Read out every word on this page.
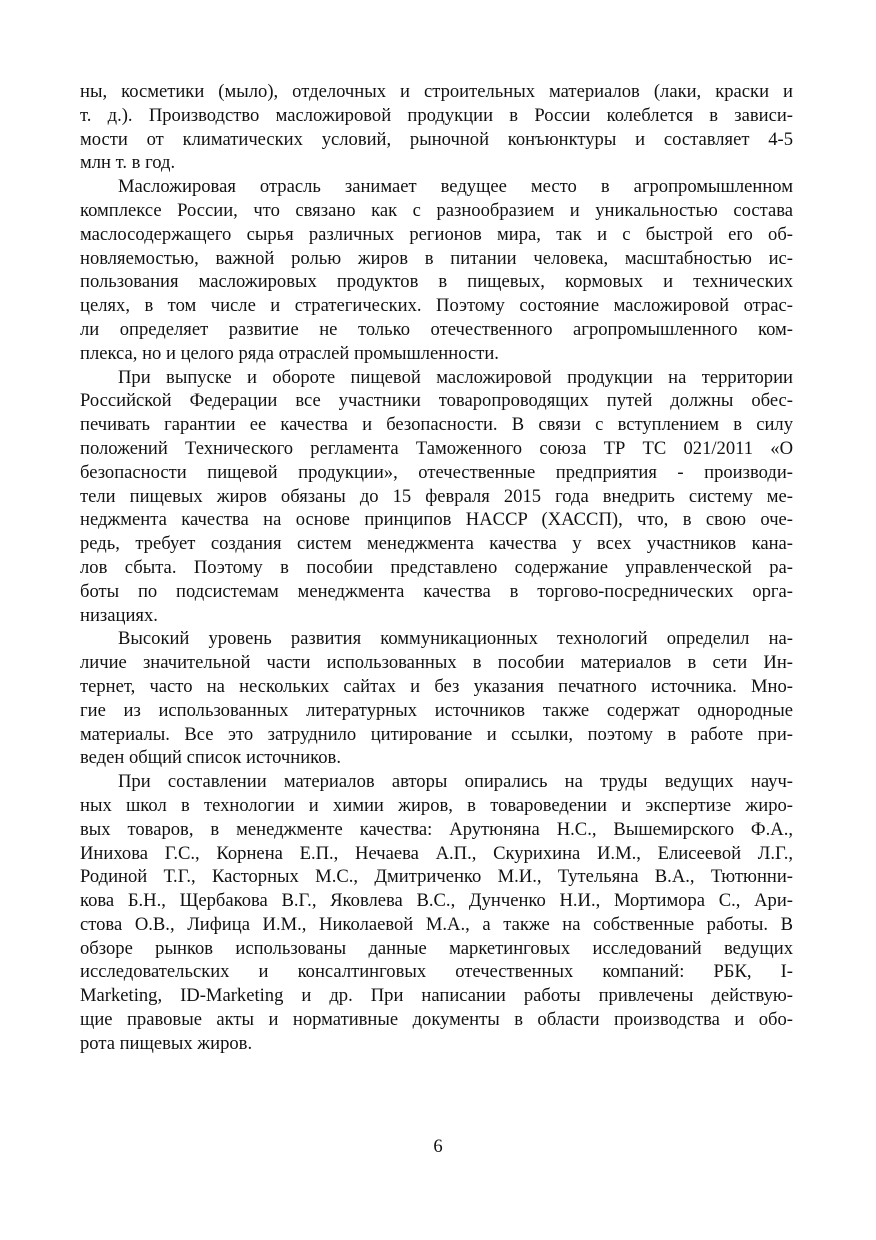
ны, косметики (мыло), отделочных и строительных материалов (лаки, краски и
т. д.). Производство масложировой продукции в России колеблется в зависи-
мости от климатических условий, рыночной конъюнктуры и составляет 4-5
млн т. в год.
Масложировая отрасль занимает ведущее место в агропромышленном
комплексе России, что связано как с разнообразием и уникальностью состава
маслосодержащего сырья различных регионов мира, так и с быстрой его об-
новляемостью, важной ролью жиров в питании человека, масштабностью ис-
пользования масложировых продуктов в пищевых, кормовых и технических
целях, в том числе и стратегических. Поэтому состояние масложировой отрас-
ли определяет развитие не только отечественного агропромышленного ком-
плекса, но и целого ряда отраслей промышленности.
При выпуске и обороте пищевой масложировой продукции на территории
Российской Федерации все участники товаропроводящих путей должны обес-
печивать гарантии ее качества и безопасности. В связи с вступлением в силу
положений Технического регламента Таможенного союза ТР ТС 021/2011 «О
безопасности пищевой продукции», отечественные предприятия - производи-
тели пищевых жиров обязаны до 15 февраля 2015 года внедрить систему ме-
неджмента качества на основе принципов HACCP (ХАССП), что, в свою оче-
редь, требует создания систем менеджмента качества у всех участников кана-
лов сбыта. Поэтому в пособии представлено содержание управленческой ра-
боты по подсистемам менеджмента качества в торгово-посреднических орга-
низациях.
Высокий уровень развития коммуникационных технологий определил на-
личие значительной части использованных в пособии материалов в сети Ин-
тернет, часто на нескольких сайтах и без указания печатного источника. Мно-
гие из использованных литературных источников также содержат однородные
материалы. Все это затруднило цитирование и ссылки, поэтому в работе при-
веден общий список источников.
При составлении материалов авторы опирались на труды ведущих науч-
ных школ в технологии и химии жиров, в товароведении и экспертизе жиро-
вых товаров, в менеджменте качества: Арутюняна Н.С., Вышемирского Ф.А.,
Инихова Г.С., Корнена Е.П., Нечаева А.П., Скурихина И.М., Елисеевой Л.Г.,
Родиной Т.Г., Касторных М.С., Дмитриченко М.И., Тутельяна В.А., Тютюнни-
кова Б.Н., Щербакова В.Г., Яковлева В.С., Дунченко Н.И., Мортимора С., Ари-
стова О.В., Лифица И.М., Николаевой М.А., а также на собственные работы. В
обзоре рынков использованы данные маркетинговых исследований ведущих
исследовательских и консалтинговых отечественных компаний: РБК, I-
Marketing, ID-Marketing и др. При написании работы привлечены действую-
щие правовые акты и нормативные документы в области производства и обо-
рота пищевых жиров.
6
